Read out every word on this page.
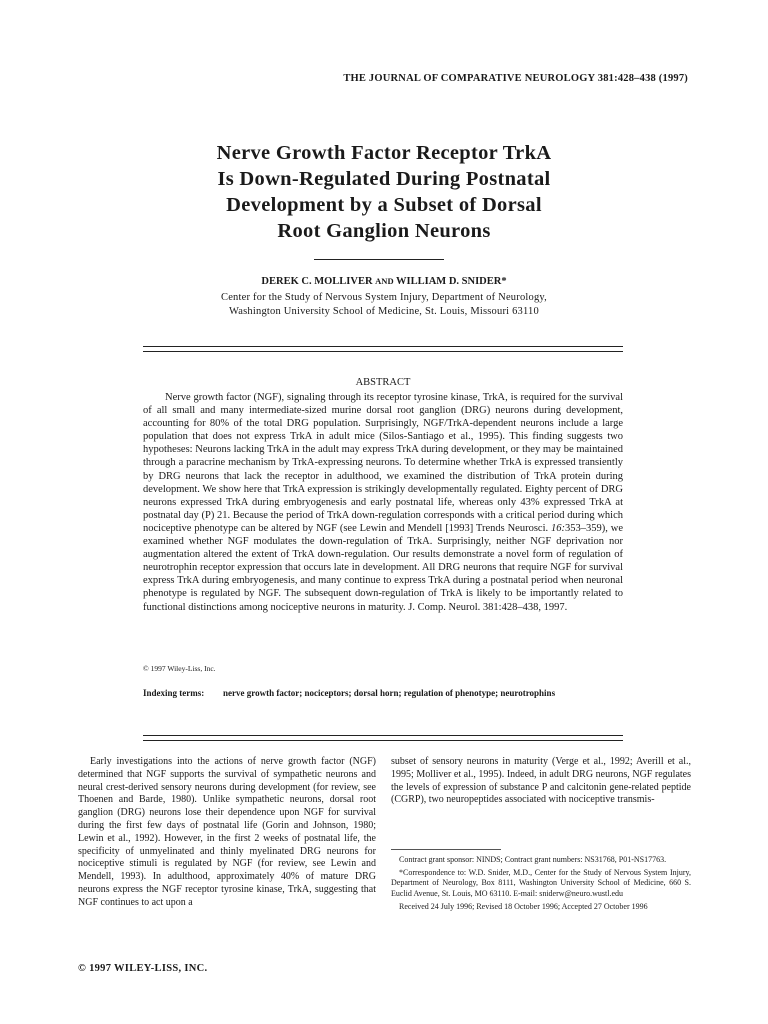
THE JOURNAL OF COMPARATIVE NEUROLOGY 381:428–438 (1997)
Nerve Growth Factor Receptor TrkA
Is Down-Regulated During Postnatal
Development by a Subset of Dorsal
Root Ganglion Neurons
DEREK C. MOLLIVER AND WILLIAM D. SNIDER*
Center for the Study of Nervous System Injury, Department of Neurology,
Washington University School of Medicine, St. Louis, Missouri 63110
ABSTRACT

Nerve growth factor (NGF), signaling through its receptor tyrosine kinase, TrkA, is required for the survival of all small and many intermediate-sized murine dorsal root ganglion (DRG) neurons during development, accounting for 80% of the total DRG population. Surprisingly, NGF/TrkA-dependent neurons include a large population that does not express TrkA in adult mice (Silos-Santiago et al., 1995). This finding suggests two hypotheses: Neurons lacking TrkA in the adult may express TrkA during development, or they may be maintained through a paracrine mechanism by TrkA-expressing neurons. To determine whether TrkA is expressed transiently by DRG neurons that lack the receptor in adulthood, we examined the distribution of TrkA protein during development. We show here that TrkA expression is strikingly developmentally regulated. Eighty percent of DRG neurons expressed TrkA during embryogenesis and early postnatal life, whereas only 43% expressed TrkA at postnatal day (P) 21. Because the period of TrkA down-regulation corresponds with a critical period during which nociceptive phenotype can be altered by NGF (see Lewin and Mendell [1993] Trends Neurosci. 16:353–359), we examined whether NGF modulates the down-regulation of TrkA. Surprisingly, neither NGF deprivation nor augmentation altered the extent of TrkA down-regulation. Our results demonstrate a novel form of regulation of neurotrophin receptor expression that occurs late in development. All DRG neurons that require NGF for survival express TrkA during embryogenesis, and many continue to express TrkA during a postnatal period when neuronal phenotype is regulated by NGF. The subsequent down-regulation of TrkA is likely to be importantly related to functional distinctions among nociceptive neurons in maturity. J. Comp. Neurol. 381:428–438, 1997.

© 1997 Wiley-Liss, Inc.
Indexing terms: nerve growth factor; nociceptors; dorsal horn; regulation of phenotype; neurotrophins

Early investigations into the actions of nerve growth factor (NGF) determined that NGF supports the survival of sympathetic neurons and neural crest-derived sensory neurons during development (for review, see Thoenen and Barde, 1980). Unlike sympathetic neurons, dorsal root ganglion (DRG) neurons lose their dependence upon NGF for survival during the first few days of postnatal life (Gorin and Johnson, 1980; Lewin et al., 1992). However, in the first 2 weeks of postnatal life, the specificity of unmyelinated and thinly myelinated DRG neurons for nociceptive stimuli is regulated by NGF (for review, see Lewin and Mendell, 1993). In adulthood, approximately 40% of mature DRG neurons express the NGF receptor tyrosine kinase, TrkA, suggesting that NGF continues to act upon a

subset of sensory neurons in maturity (Verge et al., 1992; Averill et al., 1995; Molliver et al., 1995). Indeed, in adult DRG neurons, NGF regulates the levels of expression of substance P and calcitonin gene-related peptide (CGRP), two neuropeptides associated with nociceptive transmis-

Contract grant sponsor: NINDS; Contract grant numbers: NS31768, P01-NS17763.

*Correspondence to: W.D. Snider, M.D., Center for the Study of Nervous System Injury, Department of Neurology, Box 8111, Washington University School of Medicine, 660 S. Euclid Avenue, St. Louis, MO 63110. E-mail: sniderw@neuro.wustl.edu

Received 24 July 1996; Revised 18 October 1996; Accepted 27 October 1996

© 1997 WILEY-LISS, INC.
